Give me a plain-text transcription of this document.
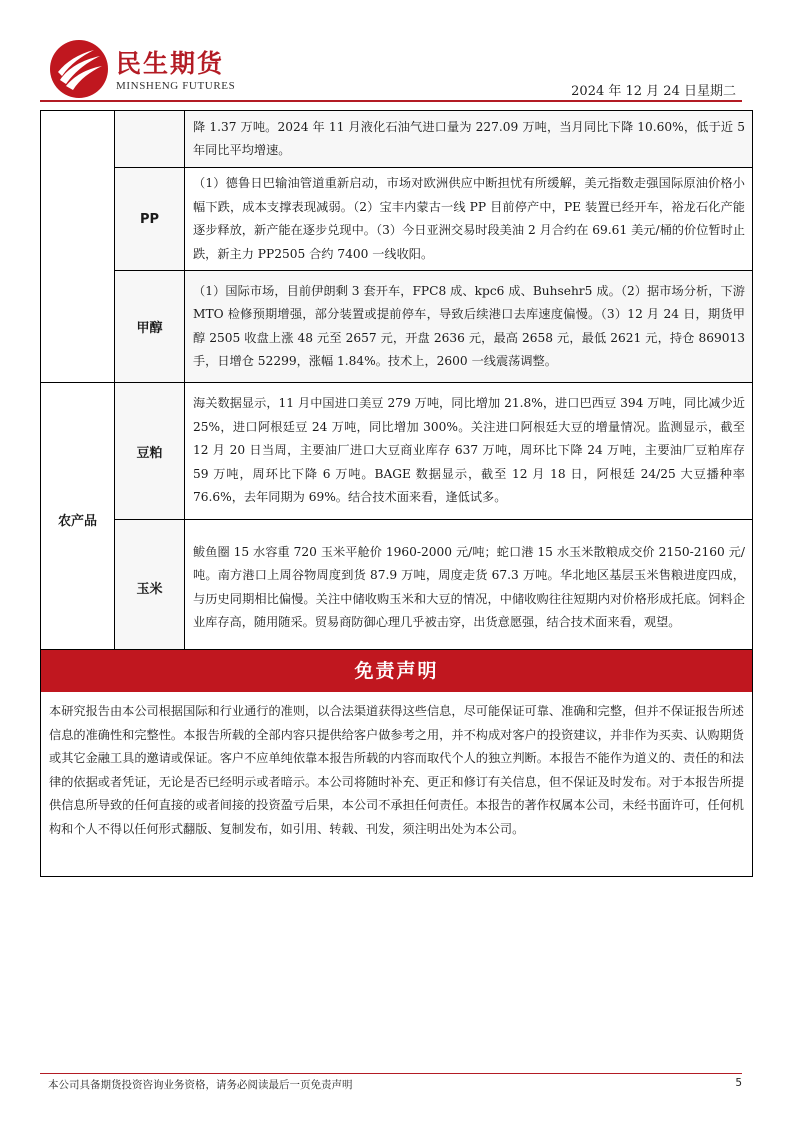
民生期货
MINSHENG FUTURES	2024 年 12 月 24 日星期二
		降 1.37 万吨。2024 年 11 月液化石油气进口量为 227.09 万吨，当月同比下降 10.60%，低于近 5 年同比平均增速。
	PP	（1）德鲁日巴输油管道重新启动，市场对欧洲供应中断担忧有所缓解，美元指数走强国际原油价格小幅下跌，成本支撑表现减弱。（2）宝丰内蒙古一线 PP 目前停产中，PE 装置已经开车，裕龙石化产能逐步释放，新产能在逐步兑现中。（3）今日亚洲交易时段美油 2 月合约在 69.61 美元/桶的价位暂时止跌，新主力 PP2505 合约 7400 一线收阳。
	甲醇	（1）国际市场，目前伊朗剩 3 套开车，FPC8 成、kpc6 成、Buhsehr5 成。（2）据市场分析，下游 MTO 检修预期增强，部分装置或提前停车，导致后续港口去库速度偏慢。（3）12 月 24 日，期货甲醇 2505 收盘上涨 48 元至 2657 元，开盘 2636 元，最高 2658 元，最低 2621 元，持仓 869013 手，日增仓 52299，涨幅 1.84%。技术上，2600 一线震荡调整。
农产品	豆粕	海关数据显示，11 月中国进口美豆 279 万吨，同比增加 21.8%，进口巴西豆 394 万吨，同比减少近 25%，进口阿根廷豆 24 万吨，同比增加 300%。关注进口阿根廷大豆的增量情况。监测显示，截至 12 月 20 日当周，主要油厂进口大豆商业库存 637 万吨，周环比下降 24 万吨，主要油厂豆粕库存 59 万吨，周环比下降 6 万吨。BAGE 数据显示，截至 12 月 18 日，阿根廷 24/25 大豆播种率 76.6%，去年同期为 69%。结合技术面来看，逢低试多。
	玉米	鲅鱼圈 15 水容重 720 玉米平舱价 1960-2000 元/吨；蛇口港 15 水玉米散粮成交价 2150-2160 元/吨。南方港口上周谷物周度到货 87.9 万吨，周度走货 67.3 万吨。华北地区基层玉米售粮进度四成，与历史同期相比偏慢。关注中储收购玉米和大豆的情况，中储收购往往短期内对价格形成托底。饲料企业库存高，随用随采。贸易商防御心理几乎被击穿，出货意愿强，结合技术面来看，观望。
免责声明
本研究报告由本公司根据国际和行业通行的准则，以合法渠道获得这些信息，尽可能保证可靠、准确和完整，但并不保证报告所述信息的准确性和完整性。本报告所载的全部内容只提供给客户做参考之用，并不构成对客户的投资建议，并非作为买卖、认购期货或其它金融工具的邀请或保证。客户不应单纯依靠本报告所载的内容而取代个人的独立判断。本报告不能作为道义的、责任的和法律的依据或者凭证，无论是否已经明示或者暗示。本公司将随时补充、更正和修订有关信息，但不保证及时发布。对于本报告所提供信息所导致的任何直接的或者间接的投资盈亏后果，本公司不承担任何责任。本报告的著作权属本公司，未经书面许可，任何机构和个人不得以任何形式翻版、复制发布，如引用、转载、刊发，须注明出处为本公司。
本公司具备期货投资咨询业务资格，请务必阅读最后一页免责声明	5
